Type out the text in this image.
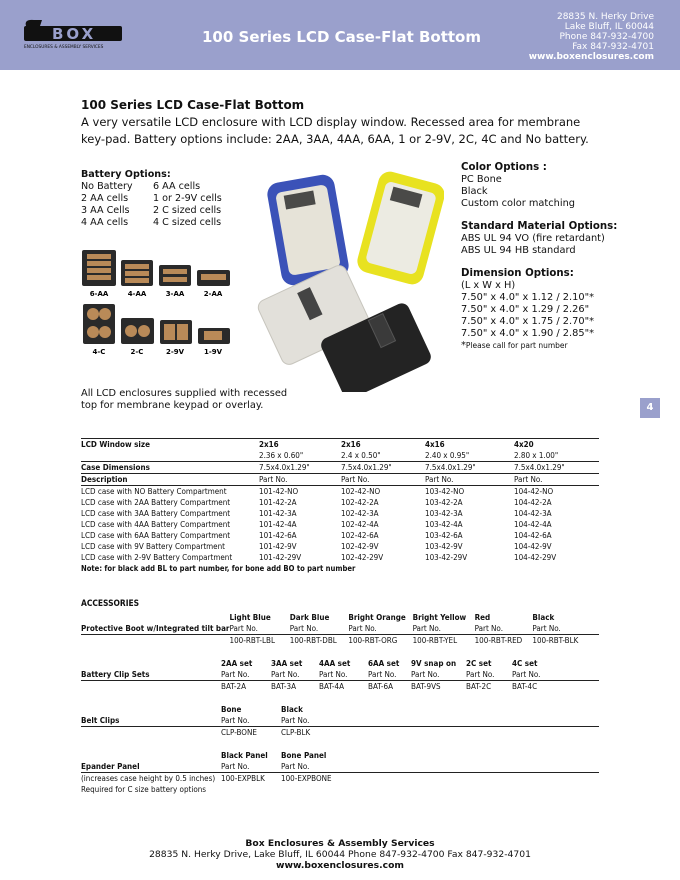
BOX
ENCLOSURES & ASSEMBLY SERVICES
100 Series LCD Case-Flat Bottom
28835 N. Herky Drive
Lake Bluff, IL 60044
Phone 847-932-4700
Fax 847-932-4701
www.boxenclosures.com
100 Series LCD Case-Flat Bottom
A very versatile LCD enclosure with LCD display window. Recessed area for membrane key-pad. Battery options include: 2AA, 3AA, 4AA, 6AA, 1 or 2-9V, 2C, 4C and No battery.
Battery Options:
No Battery	6 AA cells
2 AA cells	1 or 2-9V cells
3 AA Cells	2 C sized cells
4 AA cells	4 C sized cells
6-AA	4-AA	3-AA	2-AA
4-C	2-C	2-9V	1-9V
Color Options :
PC Bone
Black
Custom color matching
Standard Material Options:
ABS UL 94 VO (fire retardant)
ABS UL 94 HB standard
Dimension Options:
(L x W x H)
7.50" x 4.0" x 1.12 / 2.10"*
7.50" x 4.0" x 1.29 / 2.26"
7.50" x 4.0" x 1.75 / 2.70"*
7.50" x 4.0" x 1.90 / 2.85"*
*Please call for part number
All LCD enclosures supplied with recessed top for membrane keypad or overlay.	4
LCD Window size	2x16	2x16	4x16	4x20
	2.36 x 0.60"	2.4 x 0.50"	2.40 x 0.95"	2.80 x 1.00"
Case Dimensions	7.5x4.0x1.29"	7.5x4.0x1.29"	7.5x4.0x1.29"	7.5x4.0x1.29"
Description	Part No.	Part No.	Part No.	Part No.
LCD case with NO Battery Compartment	101-42-NO	102-42-NO	103-42-NO	104-42-NO
LCD case with 2AA Battery Compartment	101-42-2A	102-42-2A	103-42-2A	104-42-2A
LCD case with 3AA Battery Compartment	101-42-3A	102-42-3A	103-42-3A	104-42-3A
LCD case with 4AA Battery Compartment	101-42-4A	102-42-4A	103-42-4A	104-42-4A
LCD case with 6AA Battery Compartment	101-42-6A	102-42-6A	103-42-6A	104-42-6A
LCD case with 9V Battery Compartment	101-42-9V	102-42-9V	103-42-9V	104-42-9V
LCD case with 2-9V Battery Compartment	101-42-29V	102-42-29V	103-42-29V	104-42-29V
Note: for black add BL to part number, for bone add BO to part number				
ACCESSORIES
	Light Blue	Dark Blue	Bright Orange	Bright Yellow	Red	Black
Protective Boot w/Integrated tilt bar	Part No.	Part No.	Part No.	Part No.	Part No.	Part No.
	100-RBT-LBL	100-RBT-DBL	100-RBT-ORG	100-RBT-YEL	100-RBT-RED	100-RBT-BLK
	2AA set	3AA set	4AA set	6AA set	9V snap on	2C set	4C set
Battery Clip Sets	Part No.	Part No.	Part No.	Part No.	Part No.	Part No.	Part No.
	BAT-2A	BAT-3A	BAT-4A	BAT-6A	BAT-9VS	BAT-2C	BAT-4C
	Bone	Black
Belt Clips	Part No.	Part No.
	CLP-BONE	CLP-BLK
	Black Panel	Bone Panel
Epander Panel	Part No.	Part No.
(increases case height by 0.5 inches)	100-EXPBLK	100-EXPBONE
Required for C size battery options		
Box Enclosures & Assembly Services
28835 N. Herky Drive, Lake Bluff, IL 60044 Phone 847-932-4700 Fax 847-932-4701
www.boxenclosures.com
